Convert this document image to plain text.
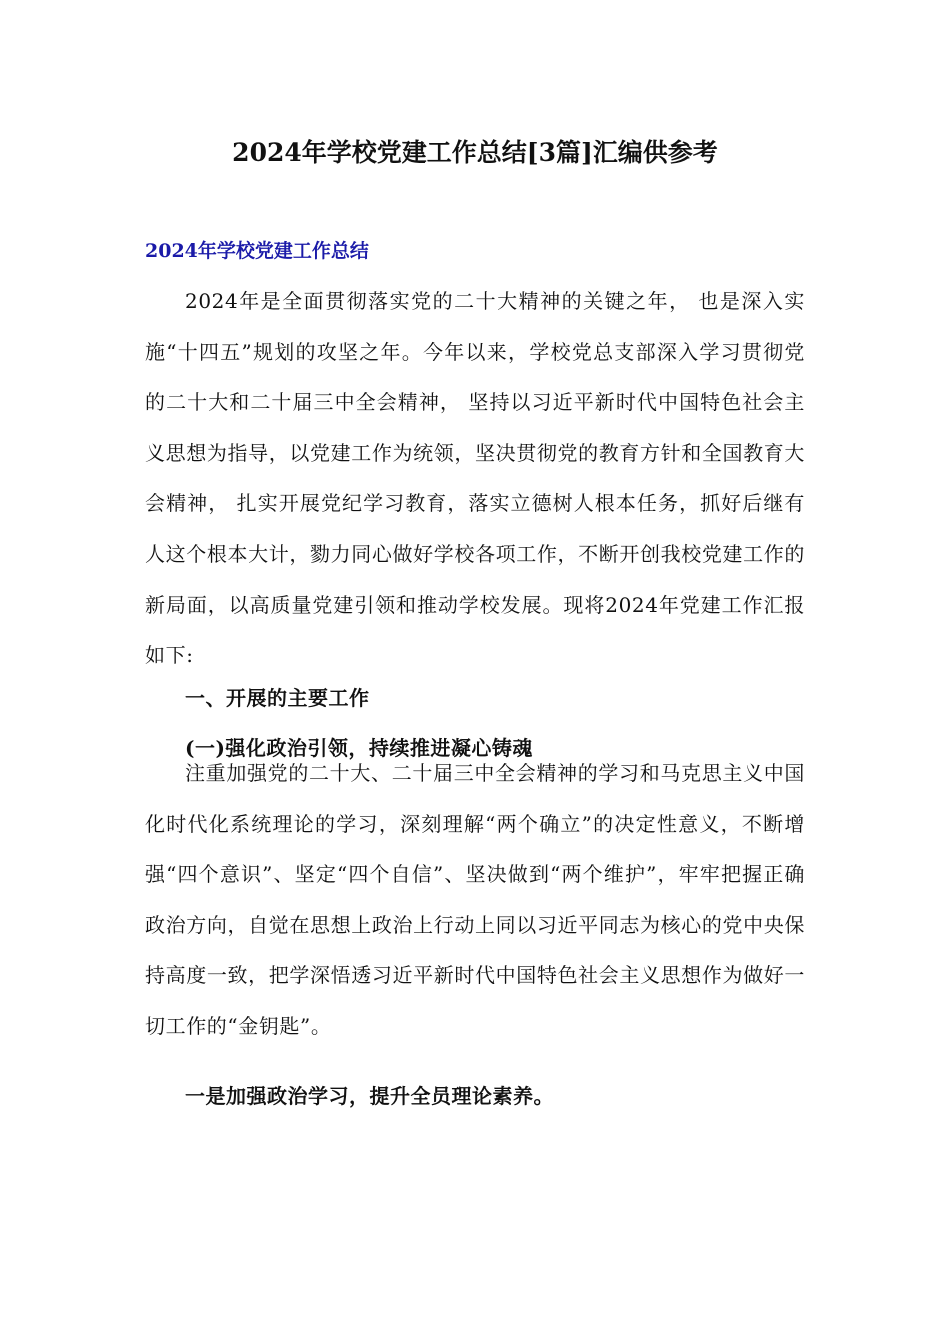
2024年学校党建工作总结[3篇]汇编供参考
2024年学校党建工作总结

2024年是全面贯彻落实党的二十大精神的关键之年， 也是深入实施“十四五”规划的攻坚之年。今年以来，学校党总支部深入学习贯彻党的二十大和二十届三中全会精神， 坚持以习近平新时代中国特色社会主义思想为指导，以党建工作为统领，坚决贯彻党的教育方针和全国教育大会精神， 扎实开展党纪学习教育，落实立德树人根本任务，抓好后继有人这个根本大计，勠力同心做好学校各项工作，不断开创我校党建工作的新局面，以高质量党建引领和推动学校发展。现将2024年党建工作汇报如下:

一、开展的主要工作
(一)强化政治引领，持续推进凝心铸魂

注重加强党的二十大、二十届三中全会精神的学习和马克思主义中国化时代化系统理论的学习，深刻理解“两个确立”的决定性意义，不断增强“四个意识”、坚定“四个自信”、坚决做到“两个维护”，牢牢把握正确政治方向，自觉在思想上政治上行动上同以习近平同志为核心的党中央保持高度一致，把学深悟透习近平新时代中国特色社会主义思想作为做好一切工作的“金钥匙”。

一是加强政治学习，提升全员理论素养。
